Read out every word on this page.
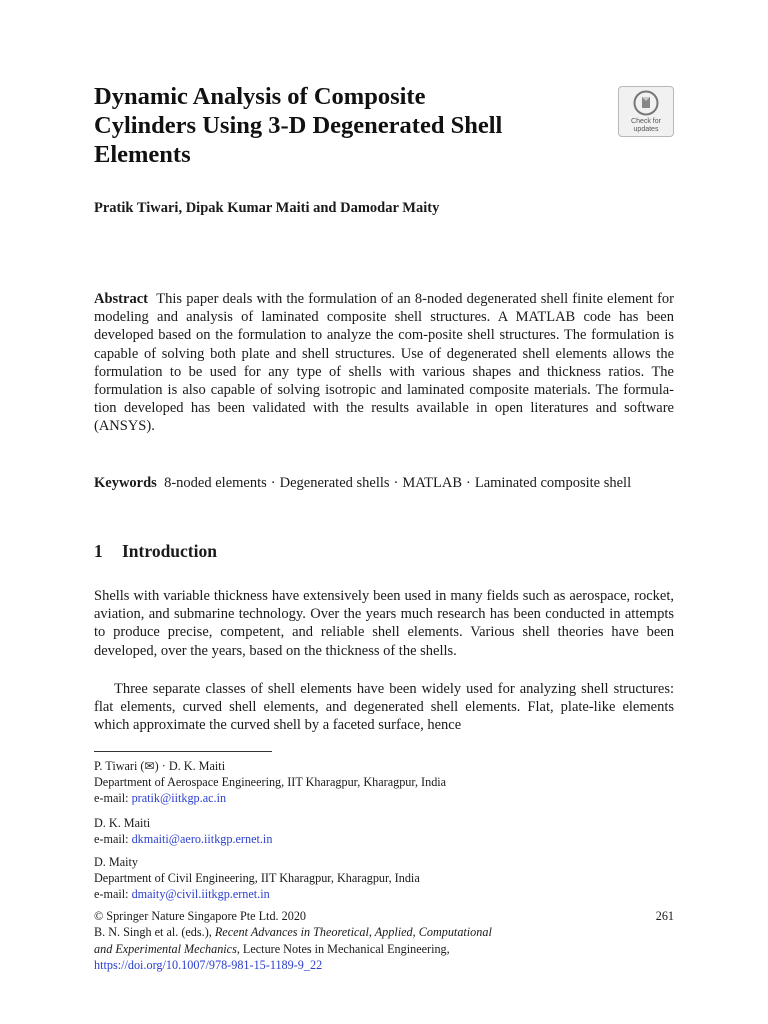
Dynamic Analysis of Composite
Cylinders Using 3-D Degenerated Shell
Elements
Check for
updates
Pratik Tiwari, Dipak Kumar Maiti and Damodar Maity

Abstract This paper deals with the formulation of an 8-noded degenerated shell finite element for modeling and analysis of laminated composite shell structures. A MATLAB code has been developed based on the formulation to analyze the com-posite shell structures. The formulation is capable of solving both plate and shell structures. Use of degenerated shell elements allows the formulation to be used for any type of shells with various shapes and thickness ratios. The formulation is also capable of solving isotropic and laminated composite materials. The formula-tion developed has been validated with the results available in open literatures and software (ANSYS).

Keywords 8-noded elements · Degenerated shells · MATLAB · Laminated composite shell

1 Introduction

Shells with variable thickness have extensively been used in many fields such as aerospace, rocket, aviation, and submarine technology. Over the years much research has been conducted in attempts to produce precise, competent, and reliable shell elements. Various shell theories have been developed, over the years, based on the thickness of the shells.

Three separate classes of shell elements have been widely used for analyzing shell structures: flat elements, curved shell elements, and degenerated shell elements. Flat, plate-like elements which approximate the curved shell by a faceted surface, hence

P. Tiwari (✉) · D. K. Maiti
Department of Aerospace Engineering, IIT Kharagpur, Kharagpur, India
e-mail: pratik@iitkgp.ac.in
D. K. Maiti
e-mail: dkmaiti@aero.iitkgp.ernet.in
D. Maity
Department of Civil Engineering, IIT Kharagpur, Kharagpur, India
e-mail: dmaity@civil.iitkgp.ernet.in
© Springer Nature Singapore Pte Ltd. 2020	261
B. N. Singh et al. (eds.), Recent Advances in Theoretical, Applied, Computational
and Experimental Mechanics, Lecture Notes in Mechanical Engineering,
https://doi.org/10.1007/978-981-15-1189-9_22
